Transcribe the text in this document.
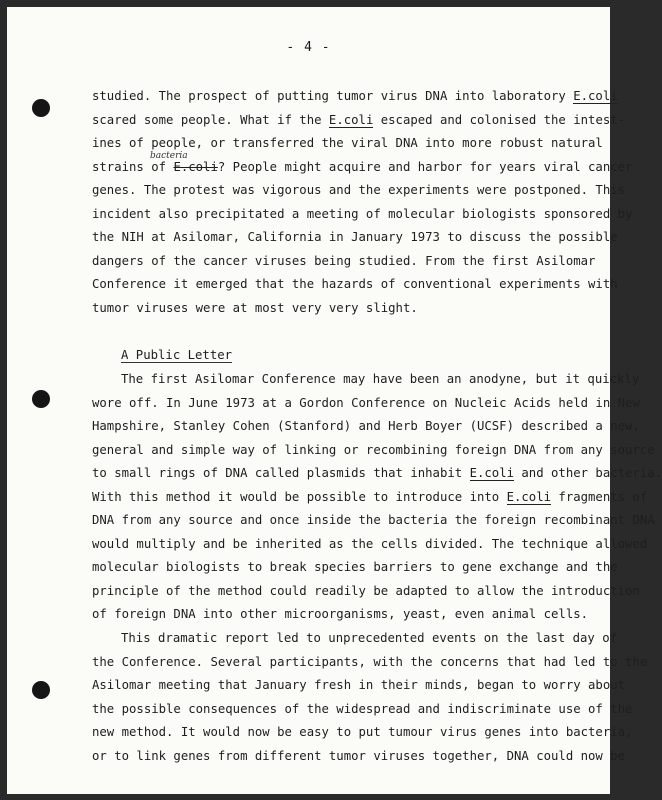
- 4 -
studied. The prospect of putting tumor virus DNA into laboratory E.coli
scared some people. What if the E.coli escaped and colonised the intest-
ines of people, or transferred the viral DNA into more robust natural
bacteria
strains of E.coli? People might acquire and harbor for years viral cancer
genes. The protest was vigorous and the experiments were postponed. This
incident also precipitated a meeting of molecular biologists sponsored by
the NIH at Asilomar, California in January 1973 to discuss the possible
dangers of the cancer viruses being studied. From the first Asilomar
Conference it emerged that the hazards of conventional experiments with
tumor viruses were at most very very slight.
A Public Letter
The first Asilomar Conference may have been an anodyne, but it quickly
wore off. In June 1973 at a Gordon Conference on Nucleic Acids held in New
Hampshire, Stanley Cohen (Stanford) and Herb Boyer (UCSF) described a new,
general and simple way of linking or recombining foreign DNA from any source
to small rings of DNA called plasmids that inhabit E.coli and other bacteria.
With this method it would be possible to introduce into E.coli fragments of
DNA from any source and once inside the bacteria the foreign recombinant DNA
would multiply and be inherited as the cells divided. The technique allowed
molecular biologists to break species barriers to gene exchange and the
principle of the method could readily be adapted to allow the introduction
of foreign DNA into other microorganisms, yeast, even animal cells.
This dramatic report led to unprecedented events on the last day of
the Conference. Several participants, with the concerns that had led to the
Asilomar meeting that January fresh in their minds, began to worry about
the possible consequences of the widespread and indiscriminate use of the
new method. It would now be easy to put tumour virus genes into bacteria,
or to link genes from different tumor viruses together, DNA could now be
